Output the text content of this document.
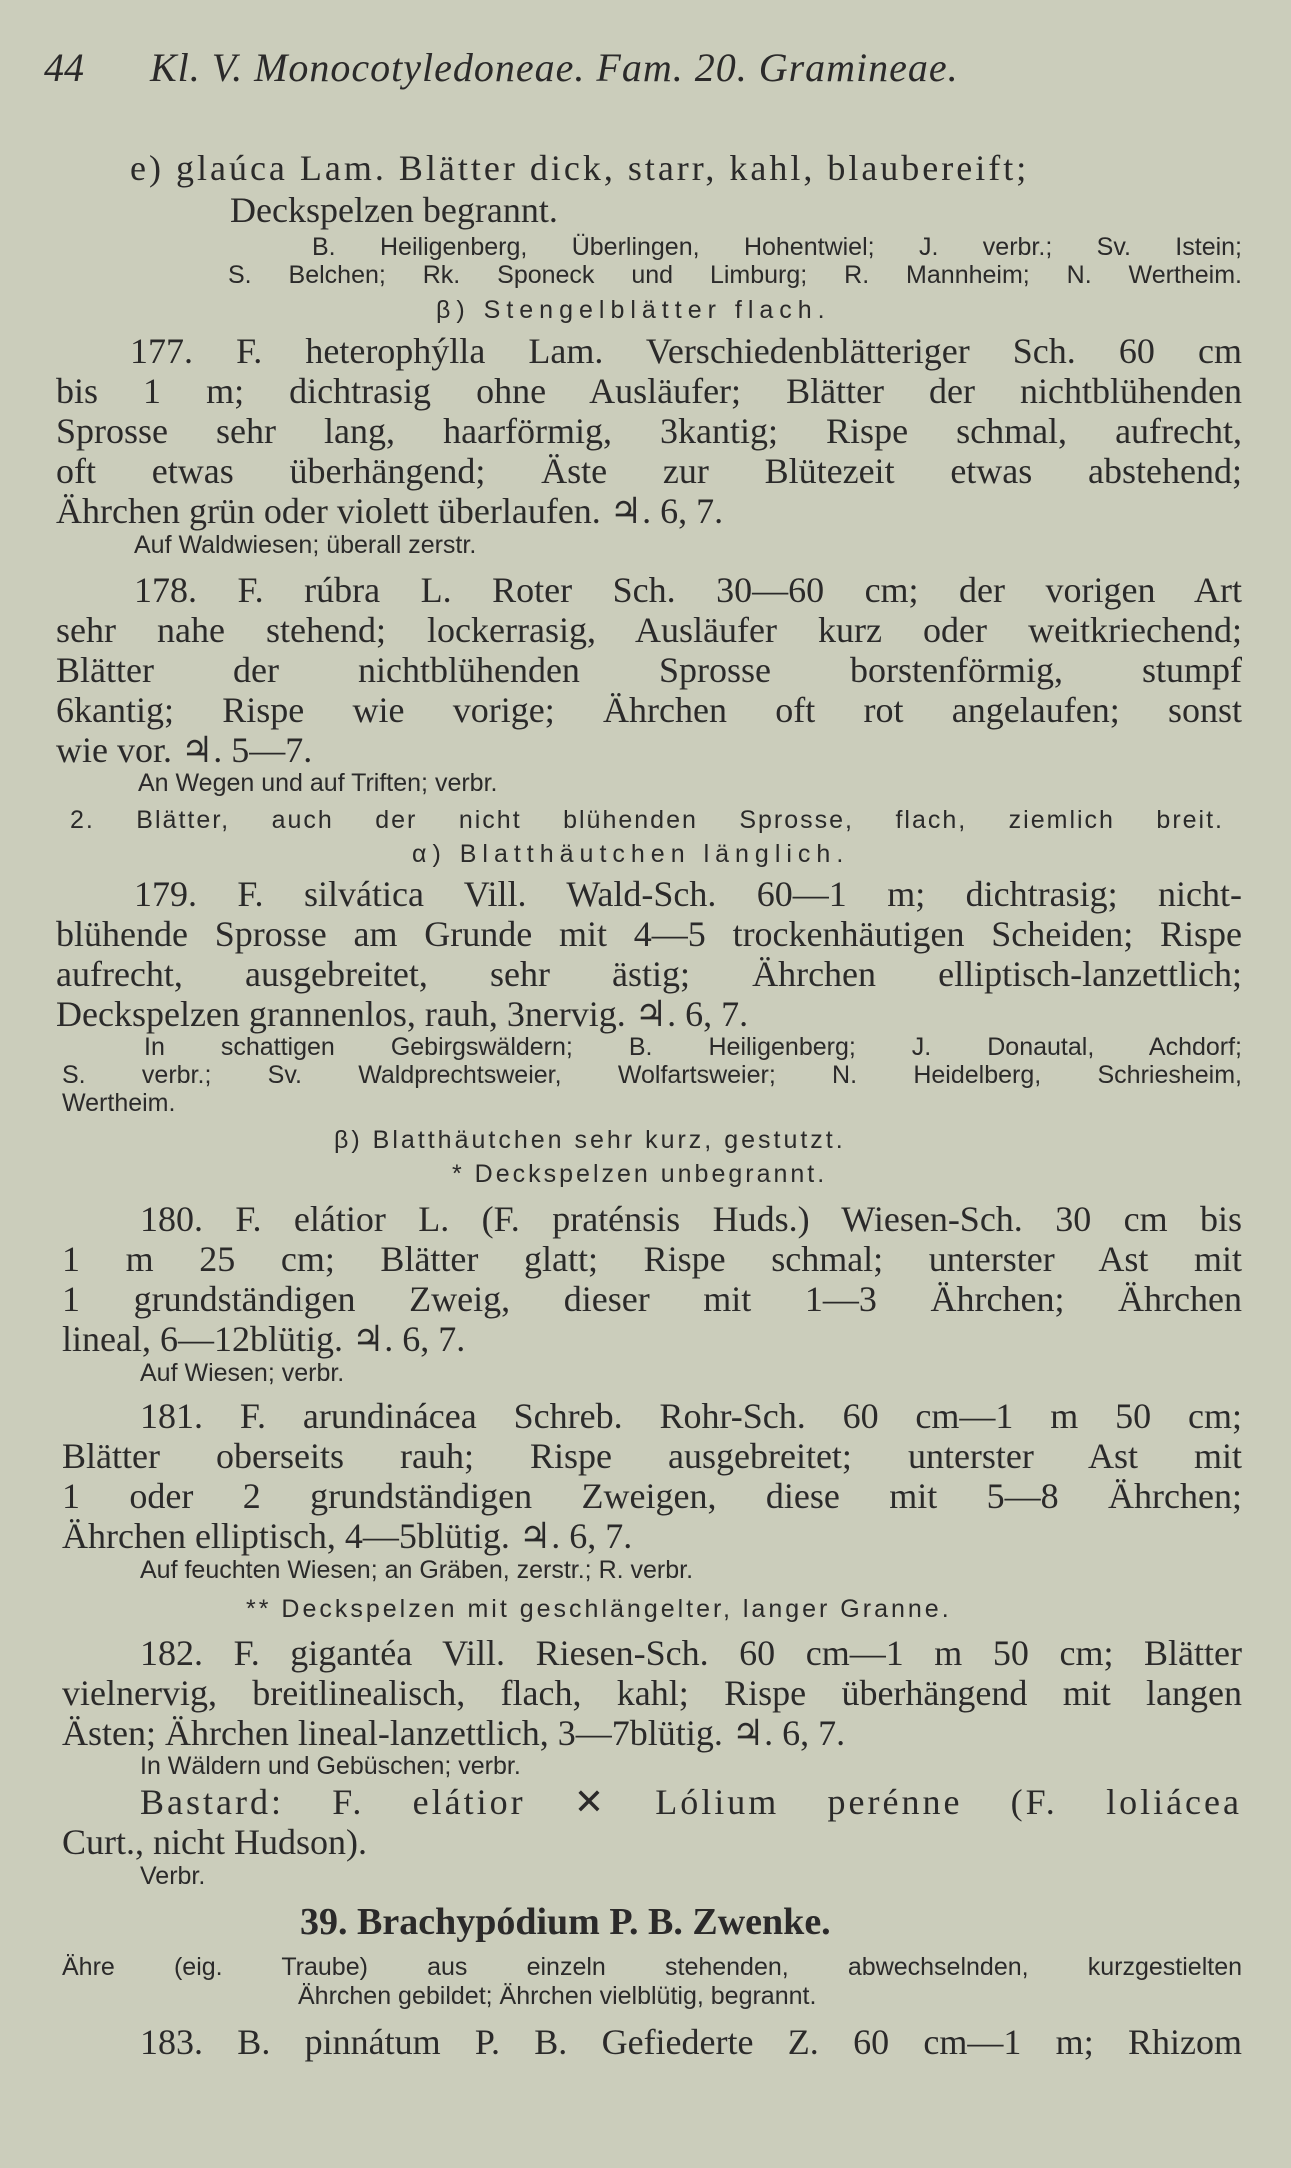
44 Kl. V. Monocotyledoneae. Fam. 20. Gramineae.
e) glaúca Lam. Blätter dick, starr, kahl, blaubereift;
Deckspelzen begrannt.
B. Heiligenberg, Überlingen, Hohentwiel; J. verbr.; Sv. Istein;
S. Belchen; Rk. Sponeck und Limburg; R. Mannheim; N. Wertheim.
β) Stengelblätter flach.
177. F. heterophýlla Lam. Verschiedenblätteriger Sch. 60 cm
bis 1 m; dichtrasig ohne Ausläufer; Blätter der nichtblühenden
Sprosse sehr lang, haarförmig, 3kantig; Rispe schmal, aufrecht,
oft etwas überhängend; Äste zur Blütezeit etwas abstehend;
Ährchen grün oder violett überlaufen. ♃. 6, 7.
Auf Waldwiesen; überall zerstr.
178. F. rúbra L. Roter Sch. 30—60 cm; der vorigen Art
sehr nahe stehend; lockerrasig, Ausläufer kurz oder weitkriechend;
Blätter der nichtblühenden Sprosse borstenförmig, stumpf
6kantig; Rispe wie vorige; Ährchen oft rot angelaufen; sonst
wie vor. ♃. 5—7.
An Wegen und auf Triften; verbr.
2. Blätter, auch der nicht blühenden Sprosse, flach, ziemlich breit.
α) Blatthäutchen länglich.
179. F. silvática Vill. Wald-Sch. 60—1 m; dichtrasig; nicht-
blühende Sprosse am Grunde mit 4—5 trockenhäutigen Scheiden; Rispe
aufrecht, ausgebreitet, sehr ästig; Ährchen elliptisch-lanzettlich;
Deckspelzen grannenlos, rauh, 3nervig. ♃. 6, 7.
In schattigen Gebirgswäldern; B. Heiligenberg; J. Donautal, Achdorf;
S. verbr.; Sv. Waldprechtsweier, Wolfartsweier; N. Heidelberg, Schriesheim,
Wertheim.
β) Blatthäutchen sehr kurz, gestutzt.
* Deckspelzen unbegrannt.
180. F. elátior L. (F. praténsis Huds.) Wiesen-Sch. 30 cm bis
1 m 25 cm; Blätter glatt; Rispe schmal; unterster Ast mit
1 grundständigen Zweig, dieser mit 1—3 Ährchen; Ährchen
lineal, 6—12blütig. ♃. 6, 7.
Auf Wiesen; verbr.
181. F. arundinácea Schreb. Rohr-Sch. 60 cm—1 m 50 cm;
Blätter oberseits rauh; Rispe ausgebreitet; unterster Ast mit
1 oder 2 grundständigen Zweigen, diese mit 5—8 Ährchen;
Ährchen elliptisch, 4—5blütig. ♃. 6, 7.
Auf feuchten Wiesen; an Gräben, zerstr.; R. verbr.
** Deckspelzen mit geschlängelter, langer Granne.
182. F. gigantéa Vill. Riesen-Sch. 60 cm—1 m 50 cm; Blätter
vielnervig, breitlinealisch, flach, kahl; Rispe überhängend mit langen
Ästen; Ährchen lineal-lanzettlich, 3—7blütig. ♃. 6, 7.
In Wäldern und Gebüschen; verbr.
Bastard: F. elátior ✕ Lólium perénne (F. loliácea
Curt., nicht Hudson).
Verbr.
39. Brachypódium P. B. Zwenke.
Ähre (eig. Traube) aus einzeln stehenden, abwechselnden, kurzgestielten
Ährchen gebildet; Ährchen vielblütig, begrannt.
183. B. pinnátum P. B. Gefiederte Z. 60 cm—1 m; Rhizom
